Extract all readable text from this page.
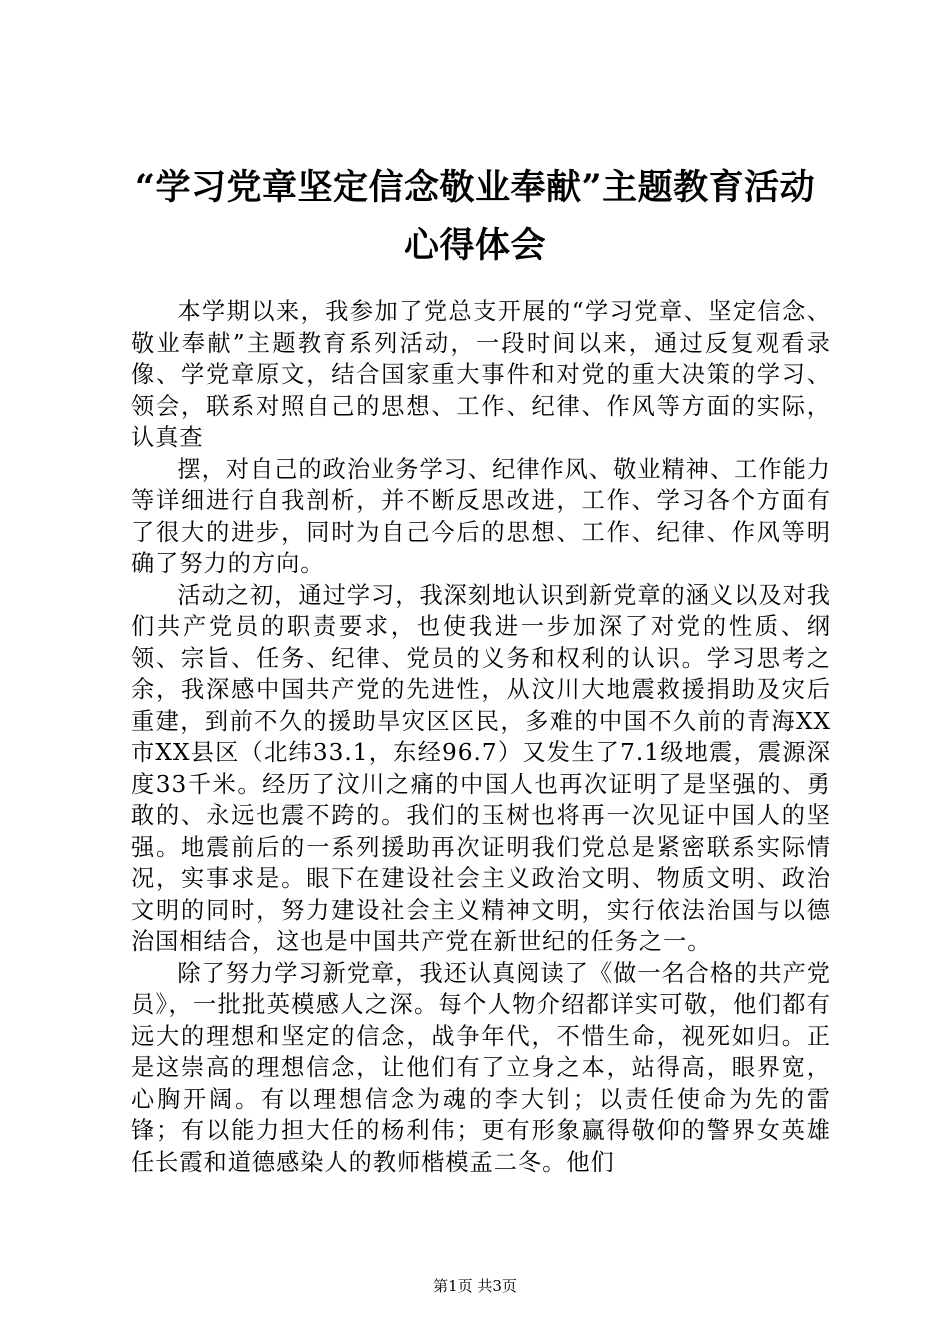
“学习党章坚定信念敬业奉献”主题教育活动
心得体会

本学期以来，我参加了党总支开展的“学习党章、坚定信念、敬业奉献”主题教育系列活动，一段时间以来，通过反复观看录像、学党章原文，结合国家重大事件和对党的重大决策的学习、领会，联系对照自己的思想、工作、纪律、作风等方面的实际，认真查

摆，对自己的政治业务学习、纪律作风、敬业精神、工作能力等详细进行自我剖析，并不断反思改进，工作、学习各个方面有了很大的进步，同时为自己今后的思想、工作、纪律、作风等明确了努力的方向。

活动之初，通过学习，我深刻地认识到新党章的涵义以及对我们共产党员的职责要求，也使我进一步加深了对党的性质、纲领、宗旨、任务、纪律、党员的义务和权利的认识。学习思考之余，我深感中国共产党的先进性，从汶川大地震救援捐助及灾后重建，到前不久的援助旱灾区区民，多难的中国不久前的青海XX市XX县区（北纬33.1，东经96.7）又发生了7.1级地震，震源深度33千米。经历了汶川之痛的中国人也再次证明了是坚强的、勇敢的、永远也震不跨的。我们的玉树也将再一次见证中国人的坚强。地震前后的一系列援助再次证明我们党总是紧密联系实际情况，实事求是。眼下在建设社会主义政治文明、物质文明、政治文明的同时，努力建设社会主义精神文明，实行依法治国与以德治国相结合，这也是中国共产党在新世纪的任务之一。

除了努力学习新党章，我还认真阅读了《做一名合格的共产党员》，一批批英模感人之深。每个人物介绍都详实可敬，他们都有远大的理想和坚定的信念，战争年代，不惜生命，视死如归。正是这崇高的理想信念，让他们有了立身之本，站得高，眼界宽，心胸开阔。有以理想信念为魂的李大钊；以责任使命为先的雷锋；有以能力担大任的杨利伟；更有形象赢得敬仰的警界女英雄任长霞和道德感染人的教师楷模孟二冬。他们

第1页 共3页
